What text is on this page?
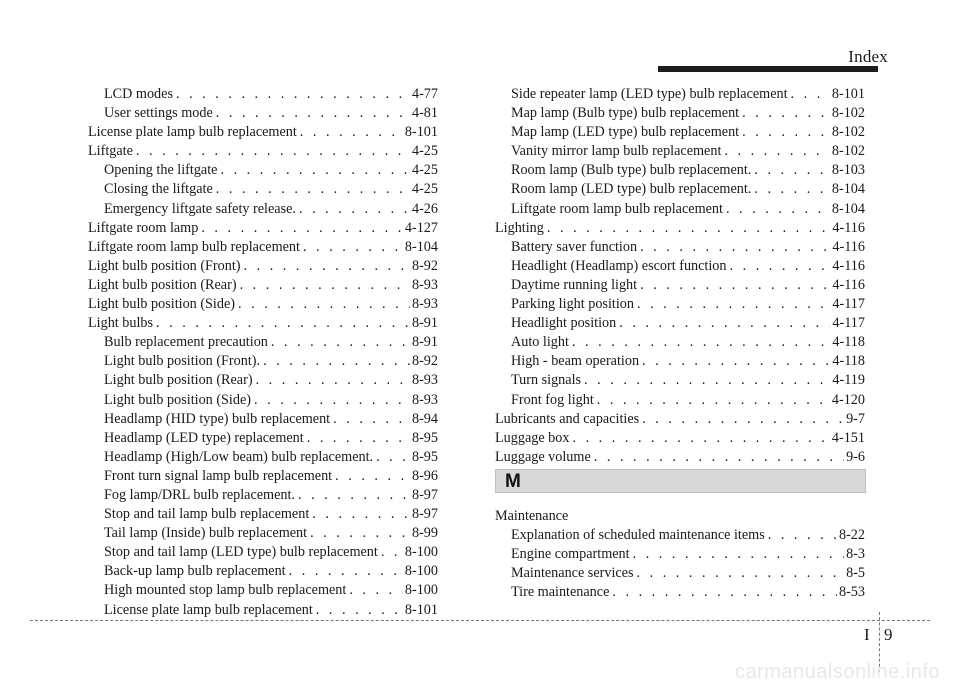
Index
LCD modes . . .	4-77
User settings mode . . .	4-81
License plate lamp bulb replacement . . .	8-101
Liftgate . . .	4-25
Opening the liftgate . . .	4-25
Closing the liftgate . . .	4-25
Emergency liftgate safety release. . . .	4-26
Liftgate room lamp . . .	4-127
Liftgate room lamp bulb replacement . . .	8-104
Light bulb position (Front) . . .	8-92
Light bulb position (Rear) . . .	8-93
Light bulb position (Side) . . .	8-93
Light bulbs . . .	8-91
Bulb replacement precaution . . .	8-91
Light bulb position (Front). . . .	8-92
Light bulb position (Rear) . . .	8-93
Light bulb position (Side) . . .	8-93
Headlamp (HID type) bulb replacement . . .	8-94
Headlamp (LED type) replacement . . .	8-95
Headlamp (High/Low beam) bulb replacement. . . .	8-95
Front turn signal lamp bulb replacement . . .	8-96
Fog lamp/DRL bulb replacement. . . .	8-97
Stop and tail lamp bulb replacement . . .	8-97
Tail lamp (Inside) bulb replacement . . .	8-99
Stop and tail lamp (LED type) bulb replacement . . . 8-100
Back-up lamp bulb replacement . . .	8-100
High mounted stop lamp bulb replacement . . .	8-100
License plate lamp bulb replacement . . .	8-101
Side repeater lamp (LED type) bulb replacement . . .	8-101
Map lamp (Bulb type) bulb replacement . . .	8-102
Map lamp (LED type) bulb replacement . . .	8-102
Vanity mirror lamp bulb replacement . . .	8-102
Room lamp (Bulb type) bulb replacement. . . .	8-103
Room lamp (LED type) bulb replacement. . . .	8-104
Liftgate room lamp bulb replacement . . .	8-104
Lighting . . .	4-116
Battery saver function . . .	4-116
Headlight (Headlamp) escort function . . .	4-116
Daytime running light . . .	4-116
Parking light position . . .	4-117
Headlight position . . .	4-117
Auto light . . .	4-118
High - beam operation . . .	4-118
Turn signals . . .	4-119
Front fog light . . .	4-120
Lubricants and capacities . . .	9-7
Luggage box . . .	4-151
Luggage volume . . .	9-6
M
Maintenance
Explanation of scheduled maintenance items . . .	8-22
Engine compartment . . .	8-3
Maintenance services . . .	8-5
Tire maintenance . . .	8-53
I 9
carmanualsonline.info
